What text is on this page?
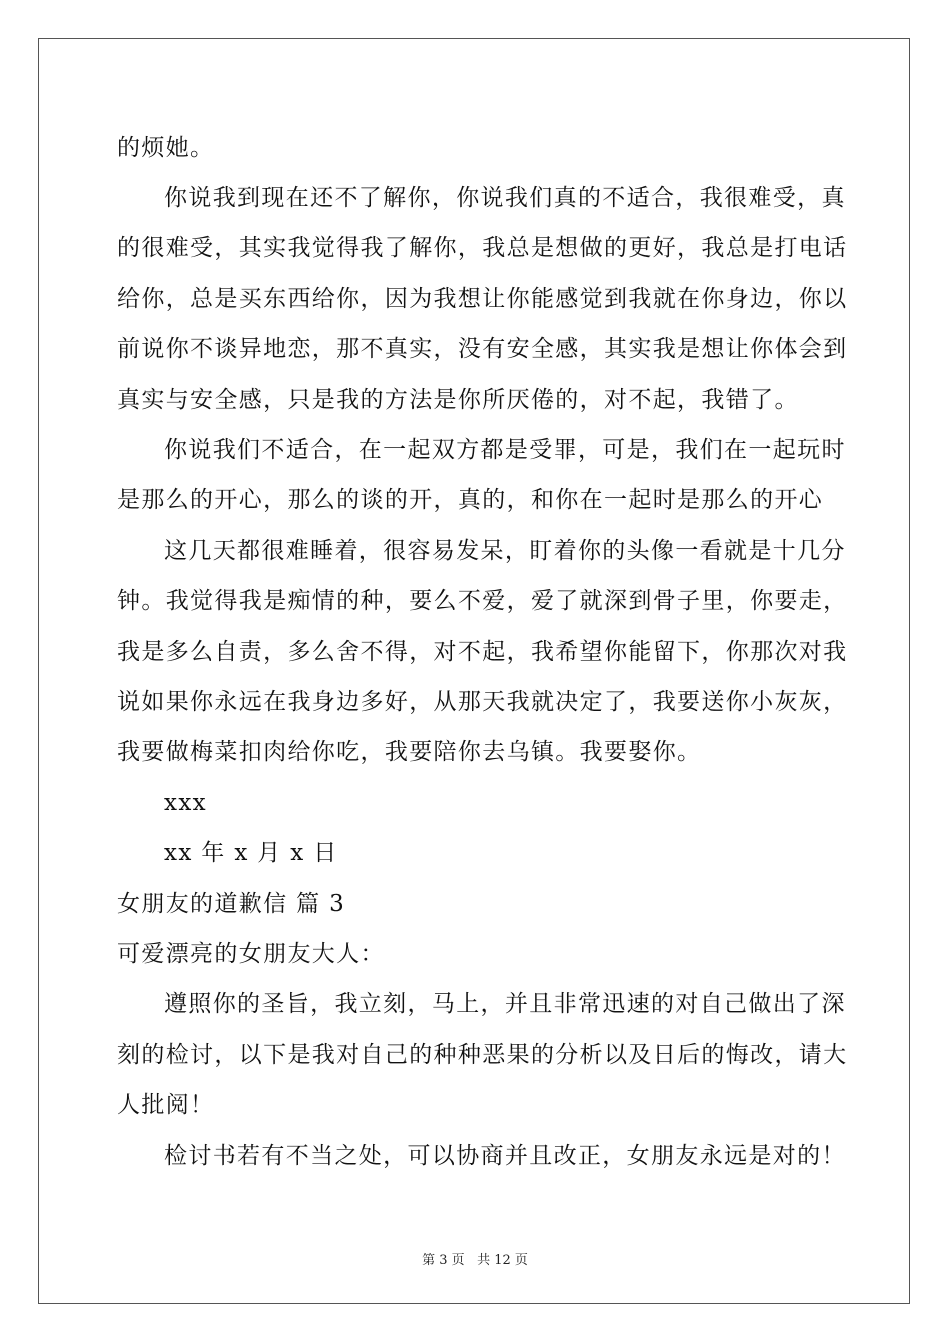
的烦她。
你说我到现在还不了解你，你说我们真的不适合，我很难受，真
的很难受，其实我觉得我了解你，我总是想做的更好，我总是打电话
给你，总是买东西给你，因为我想让你能感觉到我就在你身边，你以
前说你不谈异地恋，那不真实，没有安全感，其实我是想让你体会到
真实与安全感，只是我的方法是你所厌倦的，对不起，我错了。
你说我们不适合，在一起双方都是受罪，可是，我们在一起玩时
是那么的开心，那么的谈的开，真的，和你在一起时是那么的开心
这几天都很难睡着，很容易发呆，盯着你的头像一看就是十几分
钟。我觉得我是痴情的种，要么不爱，爱了就深到骨子里，你要走，
我是多么自责，多么舍不得，对不起，我希望你能留下，你那次对我
说如果你永远在我身边多好，从那天我就决定了，我要送你小灰灰，
我要做梅菜扣肉给你吃，我要陪你去乌镇。我要娶你。
xxx
xx 年 x 月 x 日
女朋友的道歉信 篇 3
可爱漂亮的女朋友大人：
遵照你的圣旨，我立刻，马上，并且非常迅速的对自己做出了深
刻的检讨，以下是我对自己的种种恶果的分析以及日后的悔改，请大
人批阅！
检讨书若有不当之处，可以协商并且改正，女朋友永远是对的！
第 3 页 共 12 页
